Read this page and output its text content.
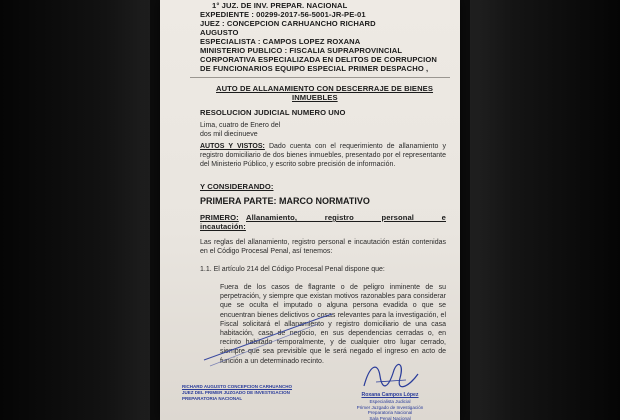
1° JUZ. DE INV. PREPAR. NACIONAL
EXPEDIENTE : 00299-2017-56-5001-JR-PE-01
JUEZ : CONCEPCION CARHUANCHO RICHARD
AUGUSTO
ESPECIALISTA : CAMPOS LOPEZ ROXANA
MINISTERIO PUBLICO : FISCALIA SUPRAPROVINCIAL
CORPORATIVA ESPECIALIZADA EN DELITOS DE CORRUPCION
DE FUNCIONARIOS EQUIPO ESPECIAL PRIMER DESPACHO ,
AUTO DE ALLANAMIENTO CON DESCERRAJE DE BIENES
INMUEBLES
RESOLUCION JUDICIAL NUMERO UNO
Lima, cuatro de Enero del
dos mil diecinueve
AUTOS Y VISTOS: Dado cuenta con el requerimiento de allanamiento y registro domiciliario de dos bienes inmuebles, presentado por el representante del Ministerio Público, y escrito sobre precisión de información.
Y CONSIDERANDO:
PRIMERA PARTE: MARCO NORMATIVO
PRIMERO: Allanamiento, registro personal e
incautación:
Las reglas del allanamiento, registro personal e incautación están contenidas en el Código Procesal Penal, así tenemos:
1.1. El artículo 214 del Código Procesal Penal dispone que:
Fuera de los casos de flagrante o de peligro inminente de su perpetración, y siempre que existan motivos razonables para considerar que se oculta el imputado o alguna persona evadida o que se encuentran bienes delictivos o cosas relevantes para la investigación, el Fiscal solicitará el allanamiento y registro domiciliario de una casa habitación, casa de negocio, en sus dependencias cerradas o, en recinto habitado temporalmente, y de cualquier otro lugar cerrado, siempre que sea previsible que le será negado el ingreso en acto de función a un determinado recinto.
RICHARD AUGUSTO CONCEPCION CARHUANCHO
JUEZ DEL PRIMER JUZGADO DE INVESTIGACION
PREPARATORIA NACIONAL
Roxana Campos López
Especialista Judicial
Primer Juzgado de Investigación Preparatoria Nacional
Sala Penal Nacional
